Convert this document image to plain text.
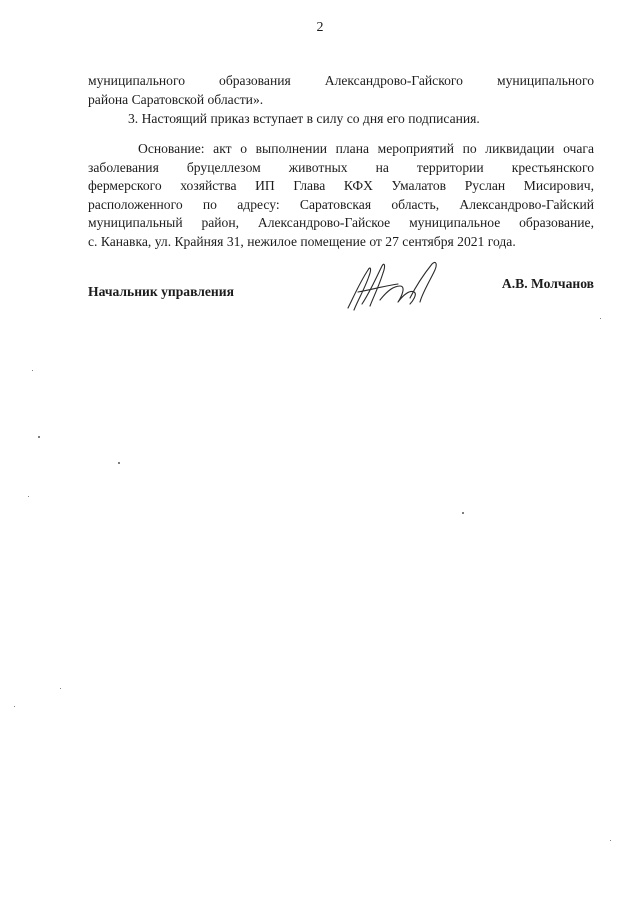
2

муниципального образования Александрово-Гайского муниципального
района Саратовской области».

3. Настоящий приказ вступает в силу со дня его подписания.

Основание: акт о выполнении плана мероприятий по ликвидации очага
заболевания бруцеллезом животных на территории крестьянского
фермерского хозяйства ИП Глава КФХ Умалатов Руслан Мисирович,
расположенного по адресу: Саратовская область, Александрово-Гайский
муниципальный район, Александрово-Гайское муниципальное образование,
с. Канавка, ул. Крайняя 31, нежилое помещение от 27 сентября 2021 года.

Начальник управления
А.В. Молчанов
